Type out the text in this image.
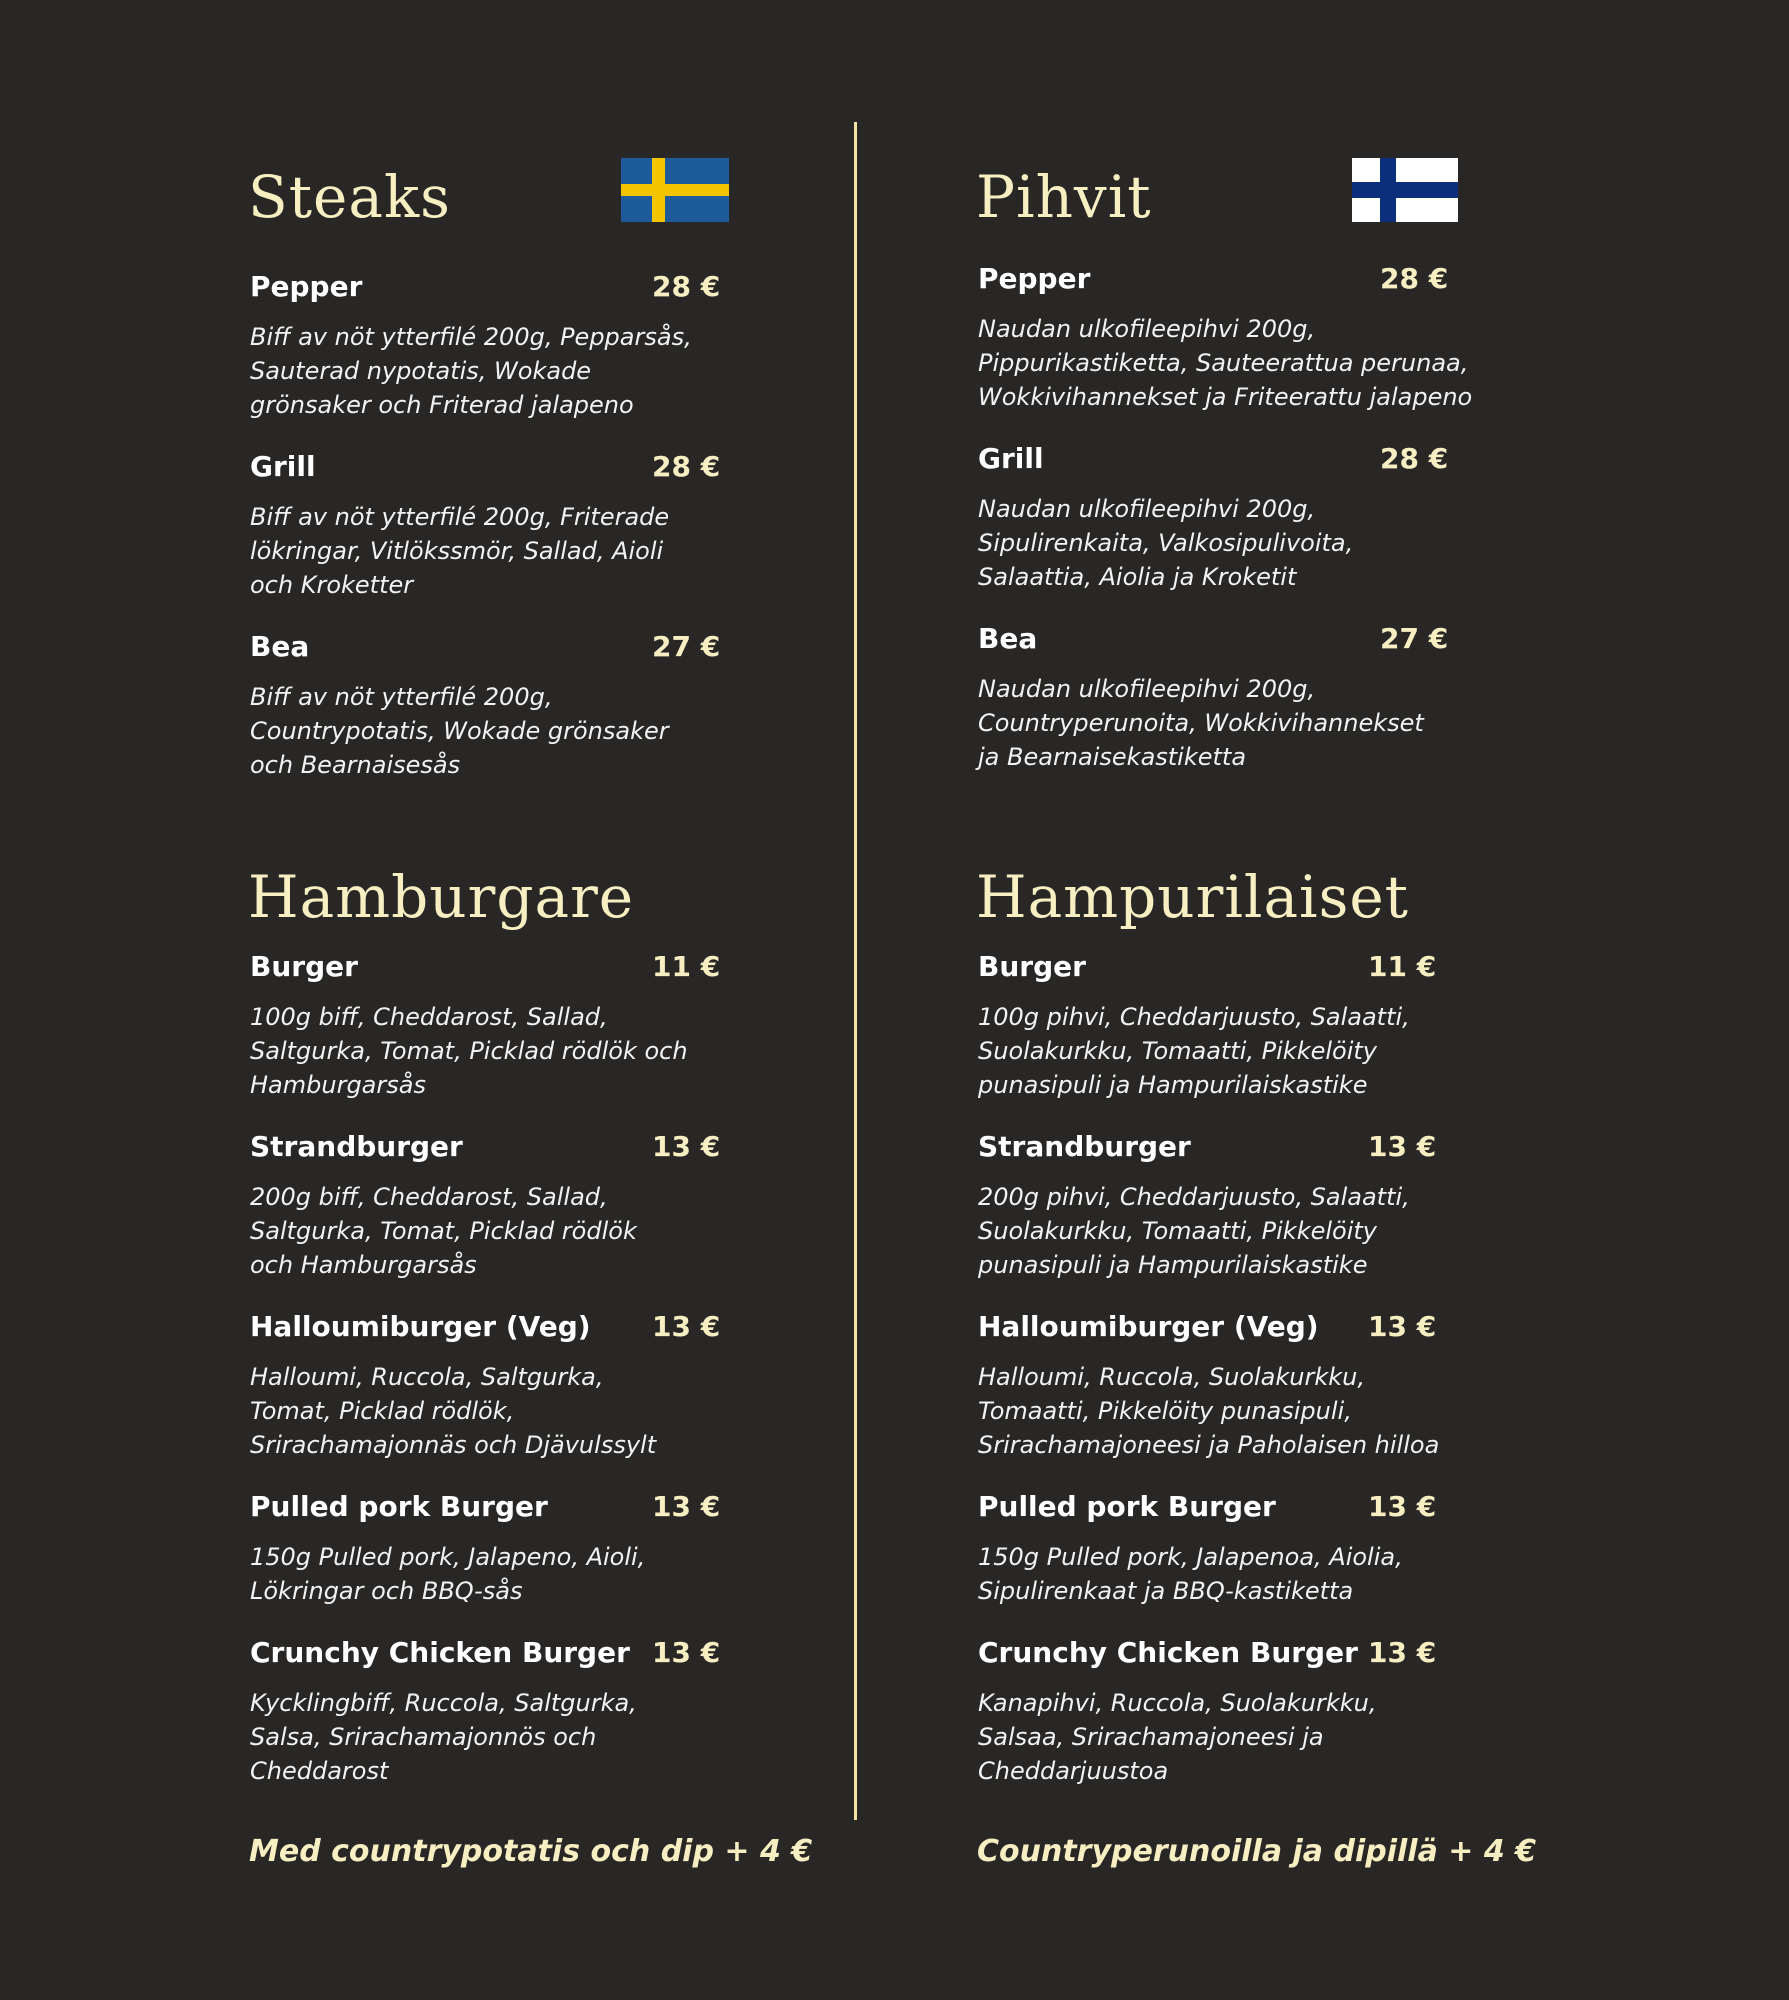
Steaks
Pepper	28 €
Biff av nöt ytterfilé 200g, Pepparsås,
Sauterad nypotatis, Wokade
grönsaker och Friterad jalapeno
Grill	28 €
Biff av nöt ytterfilé 200g, Friterade
lökringar, Vitlökssmör, Sallad, Aioli
och Kroketter
Bea	27 €
Biff av nöt ytterfilé 200g,
Countrypotatis, Wokade grönsaker
och Bearnaisesås
Hamburgare
Burger	11 €
100g biff, Cheddarost, Sallad,
Saltgurka, Tomat, Picklad rödlök och
Hamburgarsås
Strandburger	13 €
200g biff, Cheddarost, Sallad,
Saltgurka, Tomat, Picklad rödlök
och Hamburgarsås
Halloumiburger (Veg) 13 €
Halloumi, Ruccola, Saltgurka,
Tomat, Picklad rödlök,
Srirachamajonnäs och Djävulssylt
Pulled pork Burger	13 €
150g Pulled pork, Jalapeno, Aioli,
Lökringar och BBQ-sås
Crunchy Chicken Burger 13 €
Kycklingbiff, Ruccola, Saltgurka,
Salsa, Srirachamajonnös och
Cheddarost
Med countrypotatis och dip + 4 €
Pihvit
Pepper	28 €
Naudan ulkofileepihvi 200g,
Pippurikastiketta, Sauteerattua perunaa,
Wokkivihannekset ja Friteerattu jalapeno
Grill	28 €
Naudan ulkofileepihvi 200g,
Sipulirenkaita, Valkosipulivoita,
Salaattia, Aiolia ja Kroketit
Bea	27 €
Naudan ulkofileepihvi 200g,
Countryperunoita, Wokkivihannekset
ja Bearnaisekastiketta
Hampurilaiset
Burger	11 €
100g pihvi, Cheddarjuusto, Salaatti,
Suolakurkku, Tomaatti, Pikkelöity
punasipuli ja Hampurilaiskastike
Strandburger	13 €
200g pihvi, Cheddarjuusto, Salaatti,
Suolakurkku, Tomaatti, Pikkelöity
punasipuli ja Hampurilaiskastike
Halloumiburger (Veg) 13 €
Halloumi, Ruccola, Suolakurkku,
Tomaatti, Pikkelöity punasipuli,
Srirachamajoneesi ja Paholaisen hilloa
Pulled pork Burger	13 €
150g Pulled pork, Jalapenoa, Aiolia,
Sipulirenkaat ja BBQ-kastiketta
Crunchy Chicken Burger 13 €
Kanapihvi, Ruccola, Suolakurkku,
Salsaa, Srirachamajoneesi ja
Cheddarjuustoa
Countryperunoilla ja dipillä + 4 €
